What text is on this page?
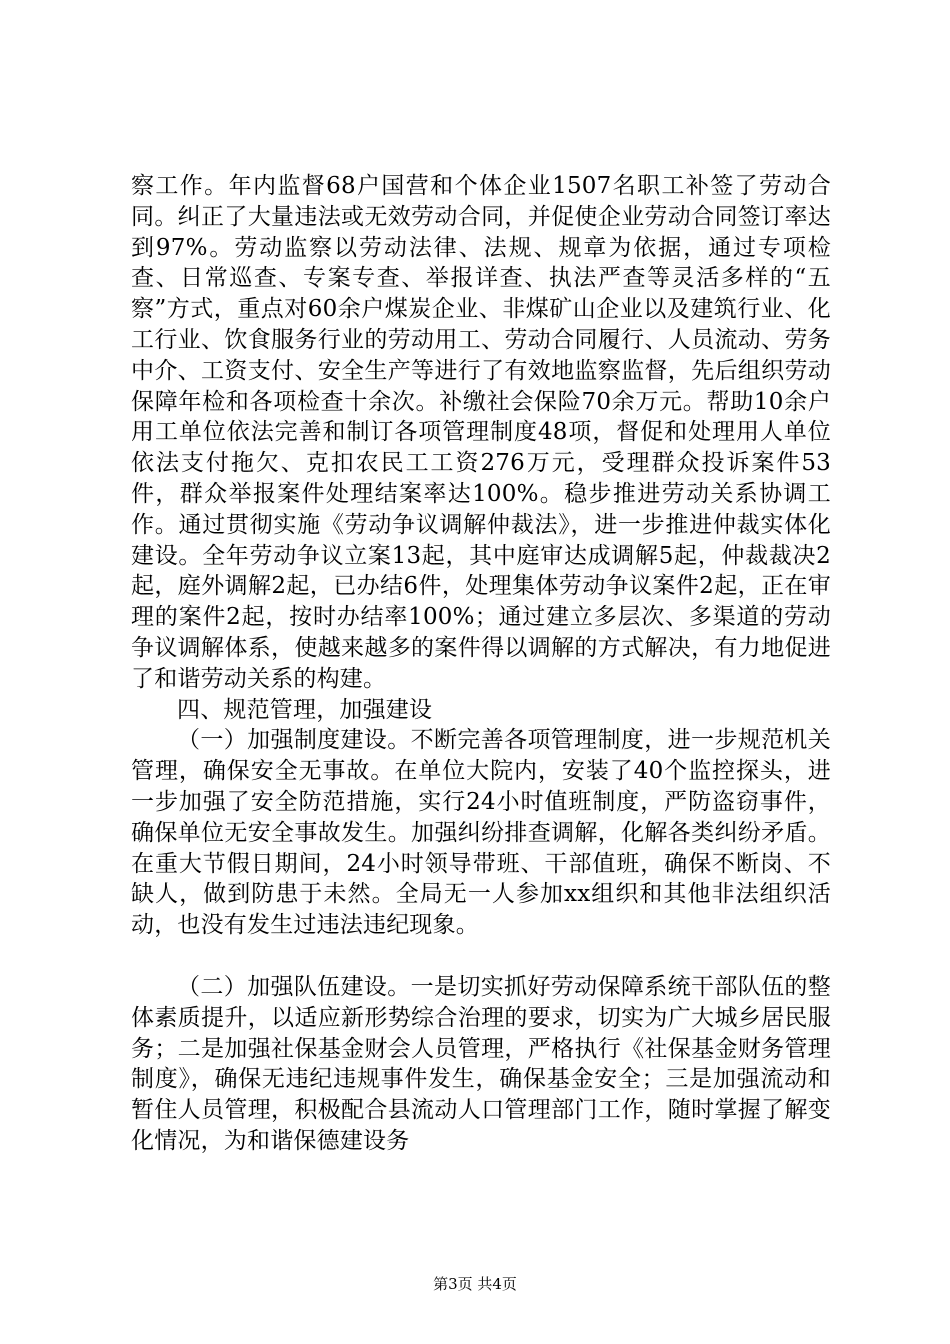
察工作。年内监督68户国营和个体企业1507名职工补签了劳动合同。纠正了大量违法或无效劳动合同，并促使企业劳动合同签订率达到97%。劳动监察以劳动法律、法规、规章为依据，通过专项检查、日常巡查、专案专查、举报详查、执法严查等灵活多样的“五察”方式，重点对60余户煤炭企业、非煤矿山企业以及建筑行业、化工行业、饮食服务行业的劳动用工、劳动合同履行、人员流动、劳务中介、工资支付、安全生产等进行了有效地监察监督，先后组织劳动保障年检和各项检查十余次。补缴社会保险70余万元。帮助10余户用工单位依法完善和制订各项管理制度48项，督促和处理用人单位依法支付拖欠、克扣农民工工资276万元，受理群众投诉案件53件，群众举报案件处理结案率达100%。稳步推进劳动关系协调工作。通过贯彻实施《劳动争议调解仲裁法》，进一步推进仲裁实体化建设。全年劳动争议立案13起，其中庭审达成调解5起，仲裁裁决2起，庭外调解2起，已办结6件，处理集体劳动争议案件2起，正在审理的案件2起，按时办结率100%；通过建立多层次、多渠道的劳动争议调解体系，使越来越多的案件得以调解的方式解决，有力地促进了和谐劳动关系的构建。

四、规范管理，加强建设

（一）加强制度建设。不断完善各项管理制度，进一步规范机关管理，确保安全无事故。在单位大院内，安装了40个监控探头，进一步加强了安全防范措施，实行24小时值班制度，严防盗窃事件，确保单位无安全事故发生。加强纠纷排查调解，化解各类纠纷矛盾。在重大节假日期间，24小时领导带班、干部值班，确保不断岗、不缺人，做到防患于未然。全局无一人参加xx组织和其他非法组织活动，也没有发生过违法违纪现象。

（二）加强队伍建设。一是切实抓好劳动保障系统干部队伍的整体素质提升，以适应新形势综合治理的要求，切实为广大城乡居民服务；二是加强社保基金财会人员管理，严格执行《社保基金财务管理制度》，确保无违纪违规事件发生，确保基金安全；三是加强流动和暂住人员管理，积极配合县流动人口管理部门工作，随时掌握了解变化情况，为和谐保德建设务

第3页 共4页
